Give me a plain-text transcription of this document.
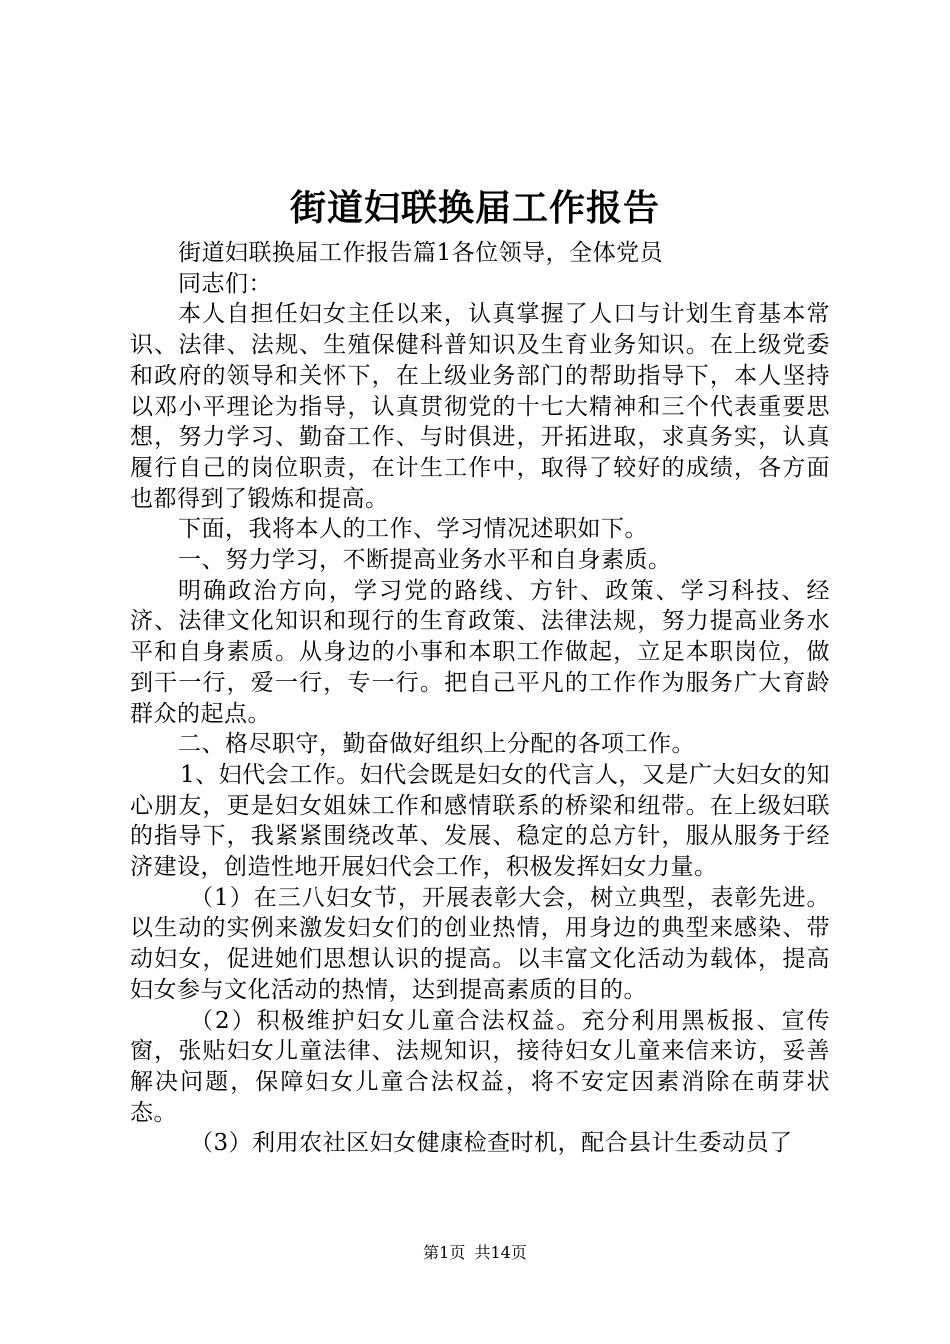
街道妇联换届工作报告

街道妇联换届工作报告篇1各位领导，全体党员

同志们：

本人自担任妇女主任以来，认真掌握了人口与计划生育基本常识、法律、法规、生殖保健科普知识及生育业务知识。在上级党委和政府的领导和关怀下，在上级业务部门的帮助指导下，本人坚持以邓小平理论为指导，认真贯彻党的十七大精神和三个代表重要思想，努力学习、勤奋工作、与时俱进，开拓进取，求真务实，认真履行自己的岗位职责，在计生工作中，取得了较好的成绩，各方面也都得到了锻炼和提高。

下面，我将本人的工作、学习情况述职如下。

一、努力学习，不断提高业务水平和自身素质。

明确政治方向，学习党的路线、方针、政策、学习科技、经济、法律文化知识和现行的生育政策、法律法规，努力提高业务水平和自身素质。从身边的小事和本职工作做起，立足本职岗位，做到干一行，爱一行，专一行。把自己平凡的工作作为服务广大育龄群众的起点。

二、格尽职守，勤奋做好组织上分配的各项工作。

1、妇代会工作。妇代会既是妇女的代言人，又是广大妇女的知心朋友，更是妇女姐妹工作和感情联系的桥梁和纽带。在上级妇联的指导下，我紧紧围绕改革、发展、稳定的总方针，服从服务于经济建设，创造性地开展妇代会工作，积极发挥妇女力量。

（1）在三八妇女节，开展表彰大会，树立典型，表彰先进。以生动的实例来激发妇女们的创业热情，用身边的典型来感染、带动妇女，促进她们思想认识的提高。以丰富文化活动为载体，提高妇女参与文化活动的热情，达到提高素质的目的。

（2）积极维护妇女儿童合法权益。充分利用黑板报、宣传窗，张贴妇女儿童法律、法规知识，接待妇女儿童来信来访，妥善解决问题，保障妇女儿童合法权益，将不安定因素消除在萌芽状态。

（3）利用农社区妇女健康检查时机，配合县计生委动员了

第1页 共14页
